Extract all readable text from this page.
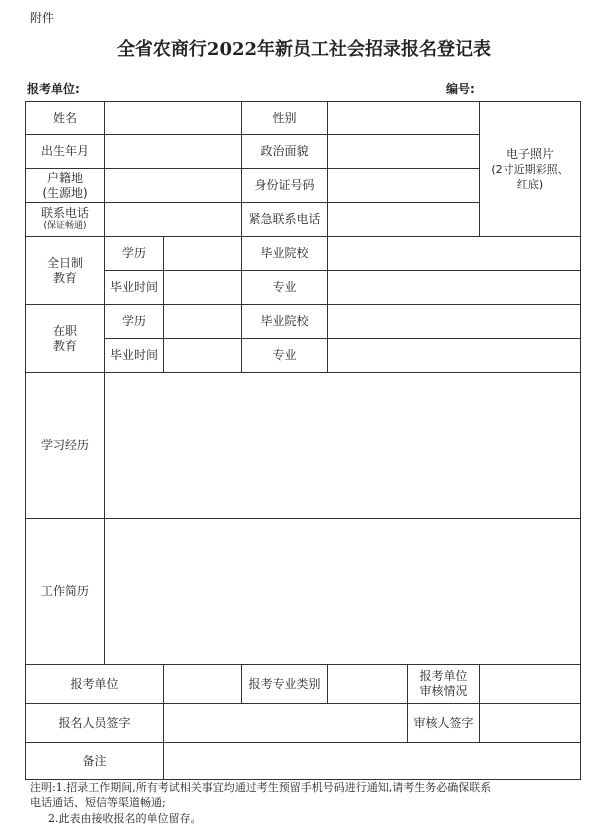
附件
全省农商行2022年新员工社会招录报名登记表
报考单位:	编号:
姓名			性别			电子照片
(2寸近期彩照、
红底)
出生年月			政治面貌			
户籍地
(生源地)			身份证号码			
联系电话
(保证畅通)			紧急联系电话			
全日制
教育	学历		毕业院校			
	毕业时间		专业			
在职
教育	学历		毕业院校			
	毕业时间		专业			
学习经历						
工作简历						
报考单位			报考专业类别		报考单位
审核情况	
报名人员签字					审核人签字	
备注						
注明:1.招录工作期间,所有考试相关事宜均通过考生预留手机号码进行通知,请考生务必确保联系
电话通话、短信等渠道畅通;
2.此表由接收报名的单位留存。
